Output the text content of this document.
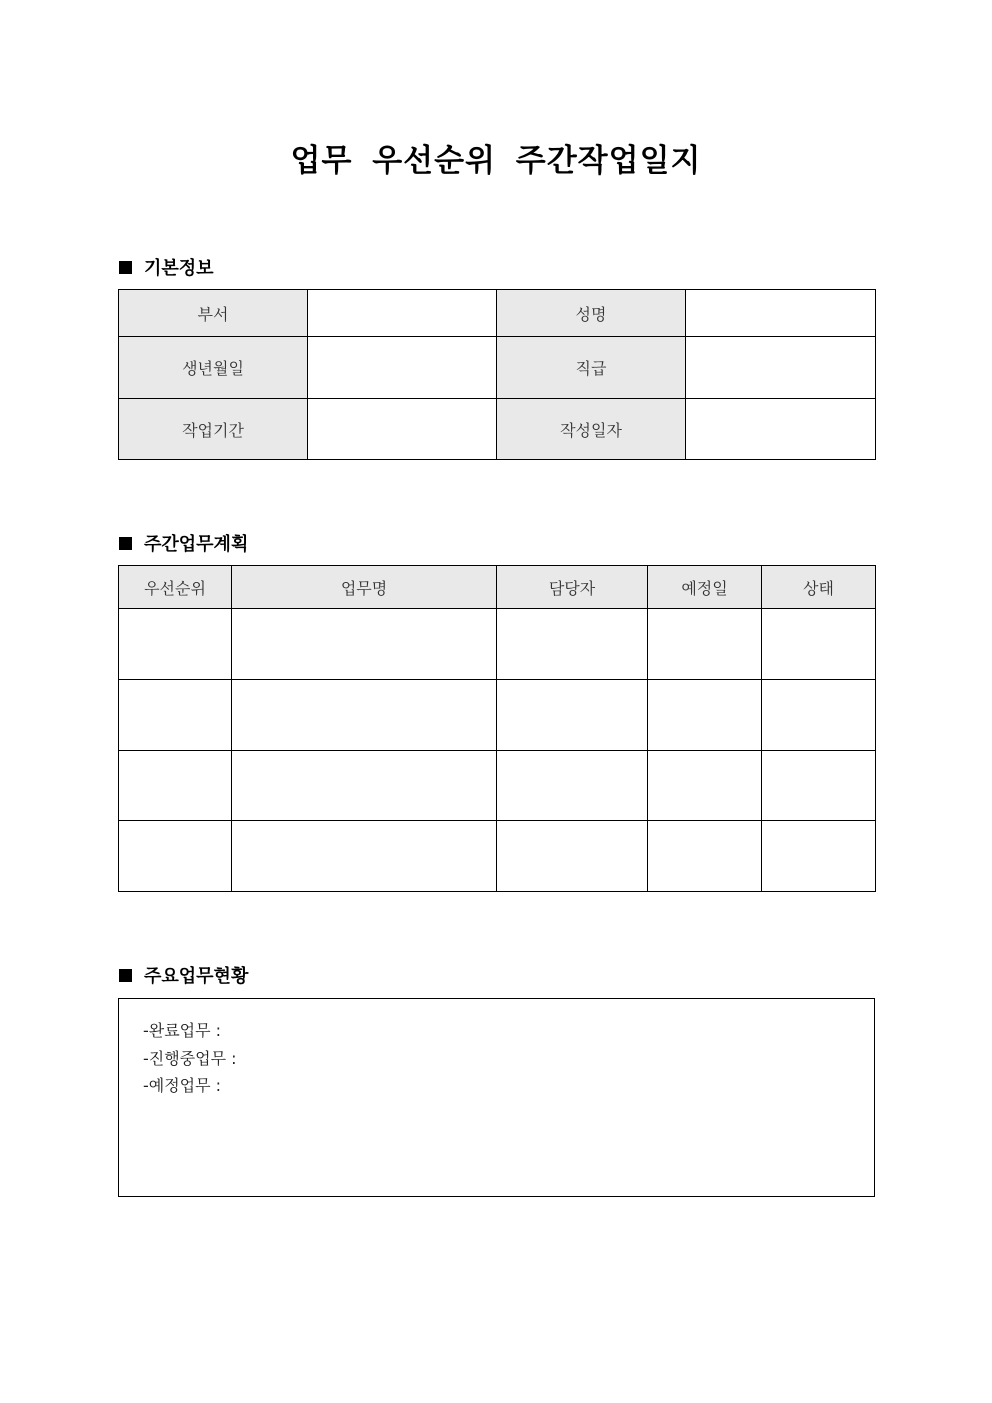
업무 우선순위 주간작업일지
기본정보
부서		성명	
생년월일		직급	
작업기간		작성일자	
주간업무계획
우선순위	업무명	담당자	예정일	상태

주요업무현황
-완료업무 :
-진행중업무 :
-예정업무 :
